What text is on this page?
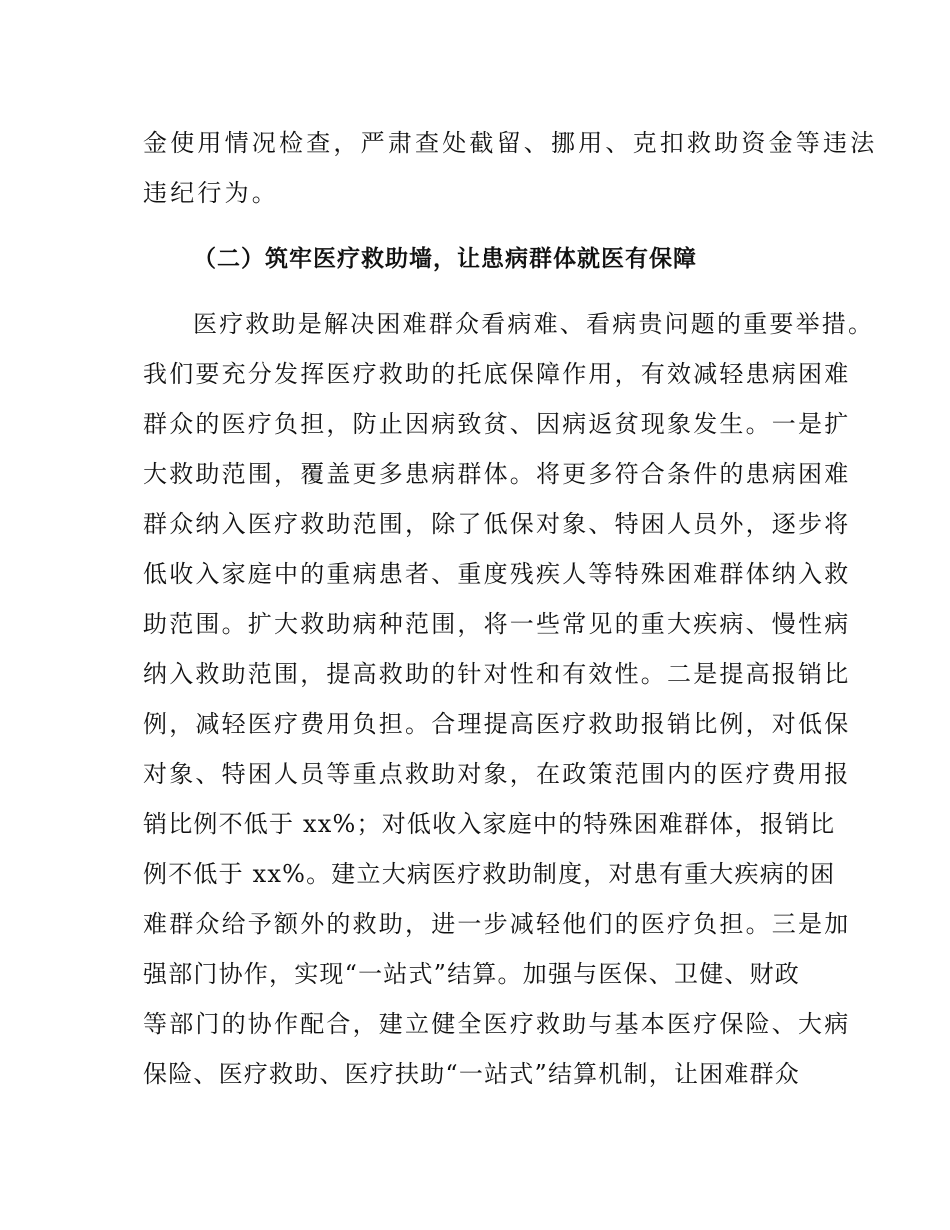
金使用情况检查，严肃查处截留、挪用、克扣救助资金等违法
违纪行为。
（二）筑牢医疗救助墙，让患病群体就医有保障
医疗救助是解决困难群众看病难、看病贵问题的重要举措。
我们要充分发挥医疗救助的托底保障作用，有效减轻患病困难
群众的医疗负担，防止因病致贫、因病返贫现象发生。一是扩
大救助范围，覆盖更多患病群体。将更多符合条件的患病困难
群众纳入医疗救助范围，除了低保对象、特困人员外，逐步将
低收入家庭中的重病患者、重度残疾人等特殊困难群体纳入救
助范围。扩大救助病种范围，将一些常见的重大疾病、慢性病
纳入救助范围，提高救助的针对性和有效性。二是提高报销比
例，减轻医疗费用负担。合理提高医疗救助报销比例，对低保
对象、特困人员等重点救助对象，在政策范围内的医疗费用报
销比例不低于 xx%；对低收入家庭中的特殊困难群体，报销比
例不低于 xx%。建立大病医疗救助制度，对患有重大疾病的困
难群众给予额外的救助，进一步减轻他们的医疗负担。三是加
强部门协作，实现“一站式”结算。加强与医保、卫健、财政
等部门的协作配合，建立健全医疗救助与基本医疗保险、大病
保险、医疗救助、医疗扶助“一站式”结算机制，让困难群众
